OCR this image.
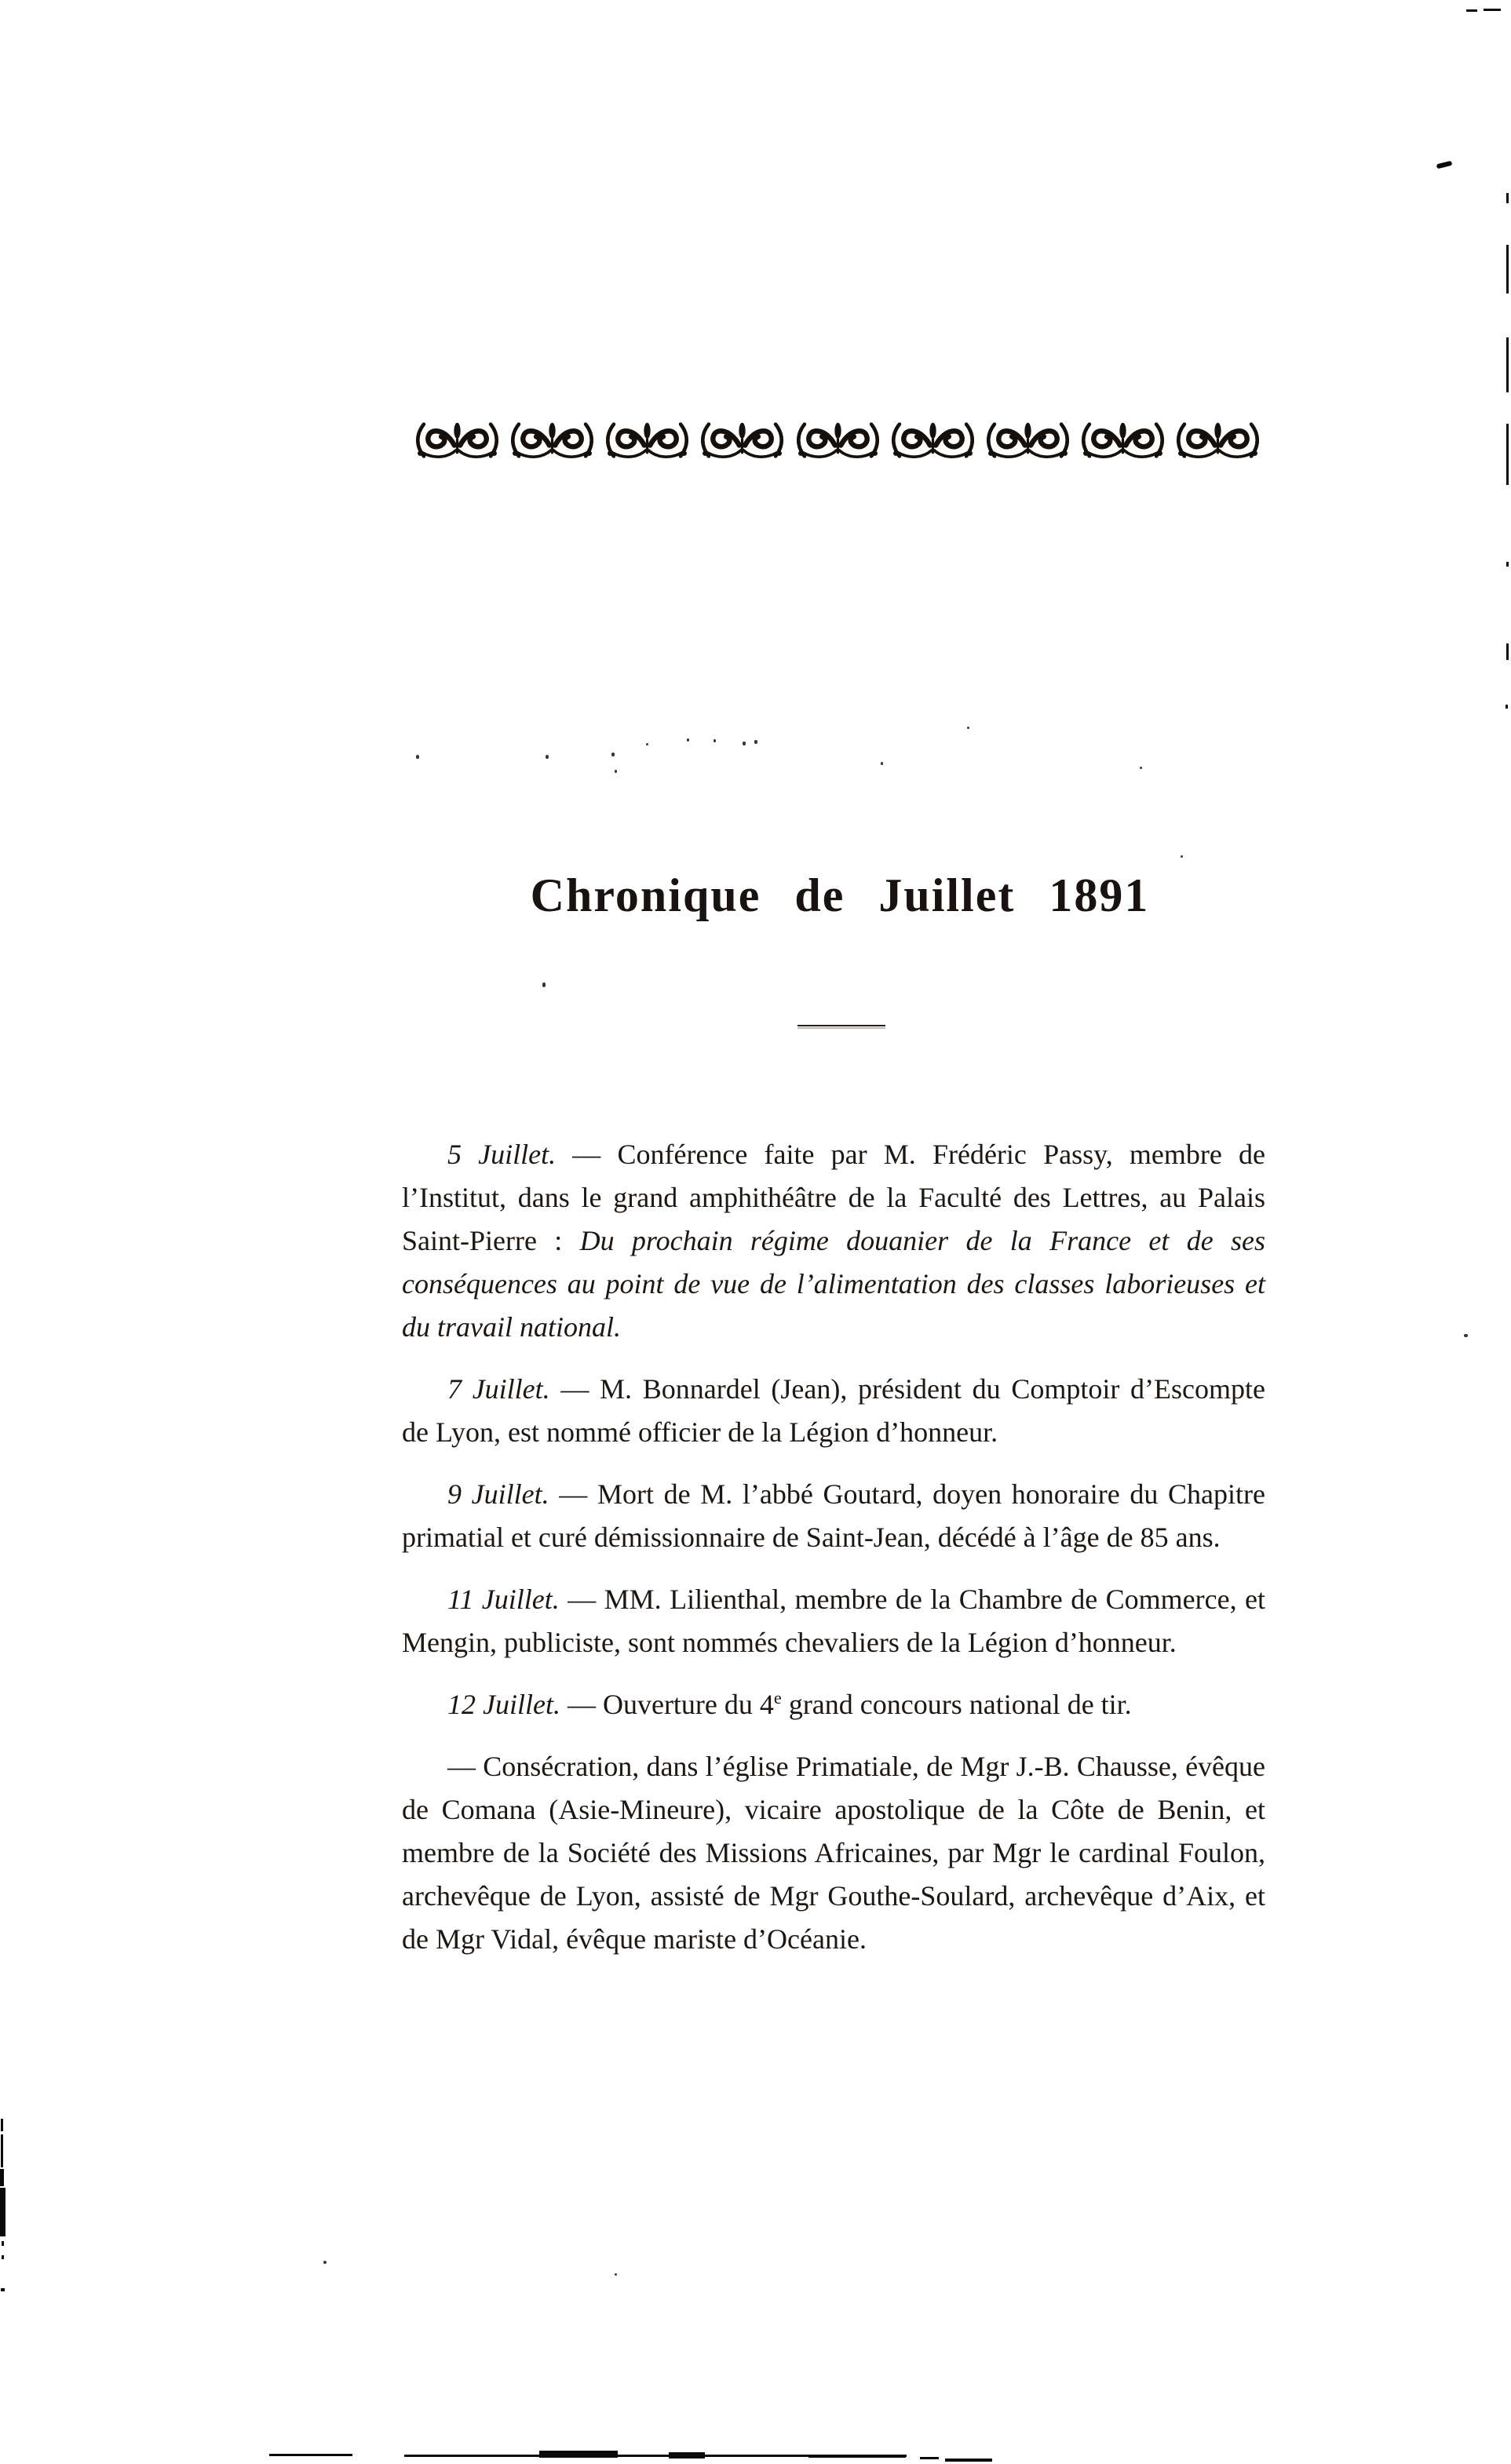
Chronique de Juillet 1891

5 Juillet. — Conférence faite par M. Frédéric Passy, membre de l’Institut, dans le grand amphithéâtre de la Faculté des Lettres, au Palais Saint-Pierre : Du prochain régime douanier de la France et de ses conséquences au point de vue de l’alimentation des classes laborieuses et du travail national.

7 Juillet. — M. Bonnardel (Jean), président du Comptoir d’Escompte de Lyon, est nommé officier de la Légion d’honneur.

9 Juillet. — Mort de M. l’abbé Goutard, doyen honoraire du Chapitre primatial et curé démissionnaire de Saint-Jean, décédé à l’âge de 85 ans.

11 Juillet. — MM. Lilienthal, membre de la Chambre de Commerce, et Mengin, publiciste, sont nommés chevaliers de la Légion d’honneur.

12 Juillet. — Ouverture du 4e grand concours national de tir.

— Consécration, dans l’église Primatiale, de Mgr J.-B. Chausse, évêque de Comana (Asie-Mineure), vicaire apostolique de la Côte de Benin, et membre de la Société des Missions Africaines, par Mgr le cardinal Foulon, archevêque de Lyon, assisté de Mgr Gouthe-Soulard, archevêque d’Aix, et de Mgr Vidal, évêque mariste d’Océanie.
